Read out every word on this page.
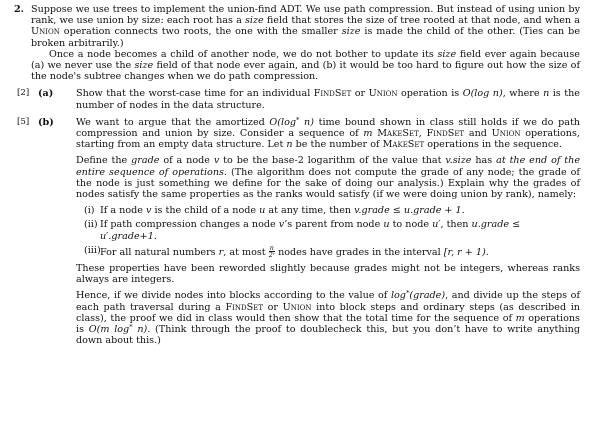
2. Suppose we use trees to implement the union-find ADT. We use path compression. But instead of using union by rank, we use union by size: each root has a size field that stores the size of tree rooted at that node, and when a Union operation connects two roots, the one with the smaller size is made the child of the other. (Ties can be broken arbitrarily.)

Once a node becomes a child of another node, we do not bother to update its size field ever again because (a) we never use the size field of that node ever again, and (b) it would be too hard to figure out how the size of the node's subtree changes when we do path compression.

[2] (a) Show that the worst-case time for an individual FindSet or Union operation is O(log n), where n is the number of nodes in the data structure.

[5] (b) We want to argue that the amortized O(log* n) time bound shown in class still holds if we do path compression and union by size. Consider a sequence of m MakeSet, FindSet and Union operations, starting from an empty data structure. Let n be the number of MakeSet operations in the sequence.

Define the grade of a node v to be the base-2 logarithm of the value that v.size has at the end of the entire sequence of operations. (The algorithm does not compute the grade of any node; the grade of the node is just something we define for the sake of doing our analysis.) Explain why the grades of nodes satisfy the same properties as the ranks would satisfy (if we were doing union by rank), namely:

(i) If a node v is the child of a node u at any time, then v.grade ≤ u.grade + 1.
(ii) If path compression changes a node v’s parent from node u to node u′, then u.grade ≤ u′.grade+1.
(iii) For all natural numbers r, at most $\frac{n}{\text{2ʳ}}$ nodes have grades in the interval [r, r + 1).

These properties have been reworded slightly because grades might not be integers, whereas ranks always are integers.

Hence, if we divide nodes into blocks according to the value of log*(grade), and divide up the steps of each path traversal during a FindSet or Union into block steps and ordinary steps (as described in class), the proof we did in class would then show that the total time for the sequence of m operations is O(m log* n). (Think through the proof to doublecheck this, but you don’t have to write anything down about this.)
